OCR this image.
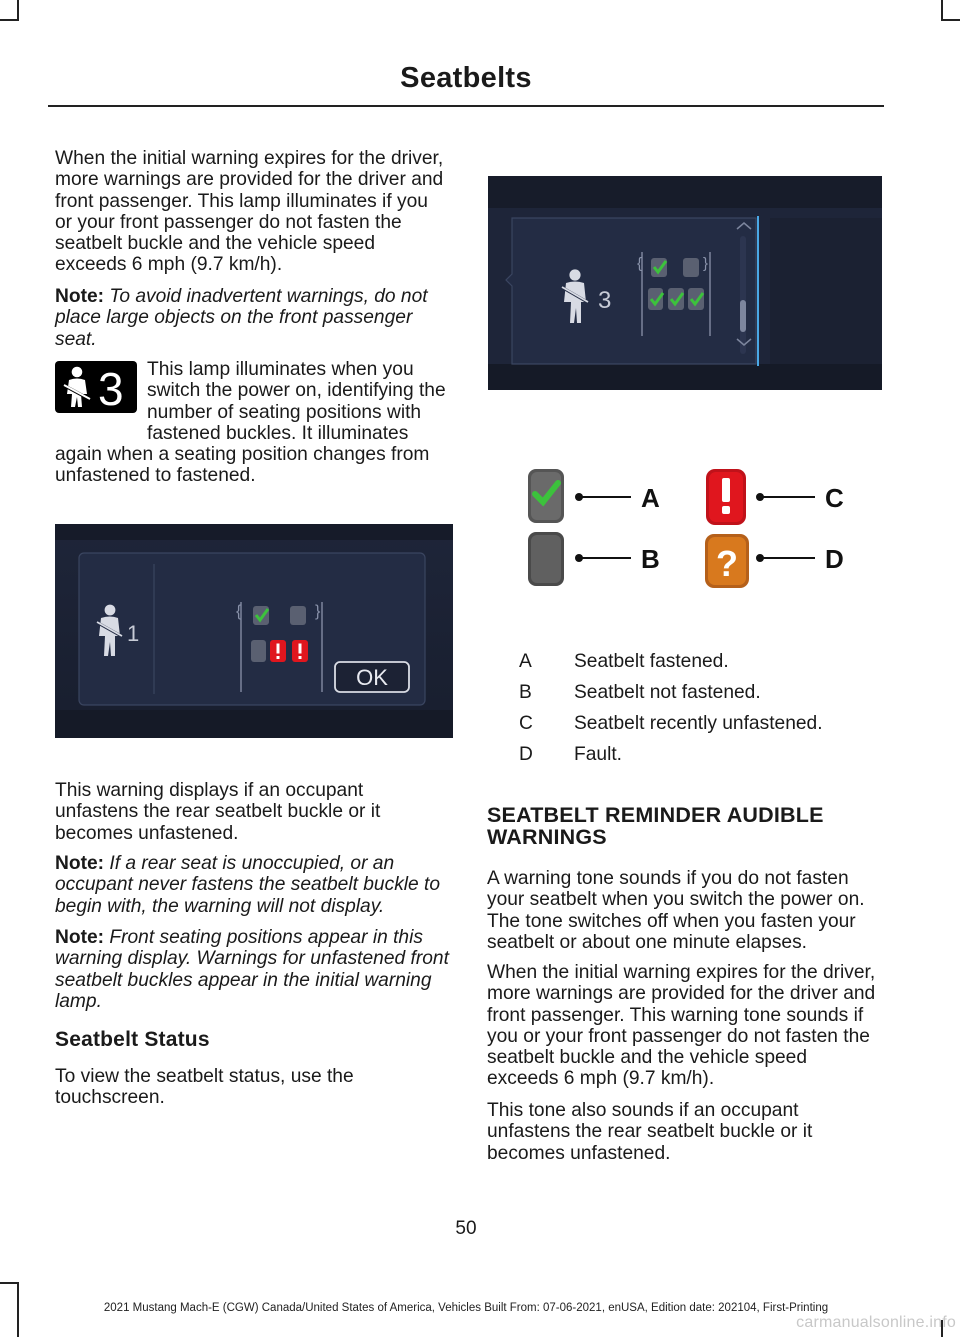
Seatbelts
When the initial warning expires for the driver, more warnings are provided for the driver and front passenger. This lamp illuminates if you or your front passenger do not fasten the seatbelt buckle and the vehicle speed exceeds 6 mph (9.7 km/h).
Note: To avoid inadvertent warnings, do not place large objects on the front passenger seat.
3	This lamp illuminates when you switch the power on, identifying the number of seating positions with fastened buckles. It illuminates again when a seating position changes from unfastened to fastened.
1
{	}
OK
This warning displays if an occupant unfastens the rear seatbelt buckle or it becomes unfastened.
Note: If a rear seat is unoccupied, or an occupant never fastens the seatbelt buckle to begin with, the warning will not display.
Note: Front seating positions appear in this warning display. Warnings for unfastened front seatbelt buckles appear in the initial warning lamp.
Seatbelt Status
To view the seatbelt status, use the touchscreen.
3
{	}
A
B
C
?	D
A	Seatbelt fastened.
B	Seatbelt not fastened.
C	Seatbelt recently unfastened.
D	Fault.
SEATBELT REMINDER AUDIBLE WARNINGS
A warning tone sounds if you do not fasten your seatbelt when you switch the power on. The tone switches off when you fasten your seatbelt or about one minute elapses.
When the initial warning expires for the driver, more warnings are provided for the driver and front passenger. This warning tone sounds if you or your front passenger do not fasten the seatbelt buckle and the vehicle speed exceeds 6 mph (9.7 km/h).
This tone also sounds if an occupant unfastens the rear seatbelt buckle or it becomes unfastened.
50
2021 Mustang Mach-E (CGW) Canada/United States of America, Vehicles Built From: 07-06-2021, enUSA, Edition date: 202104, First-Printing
carmanualsonline.info
